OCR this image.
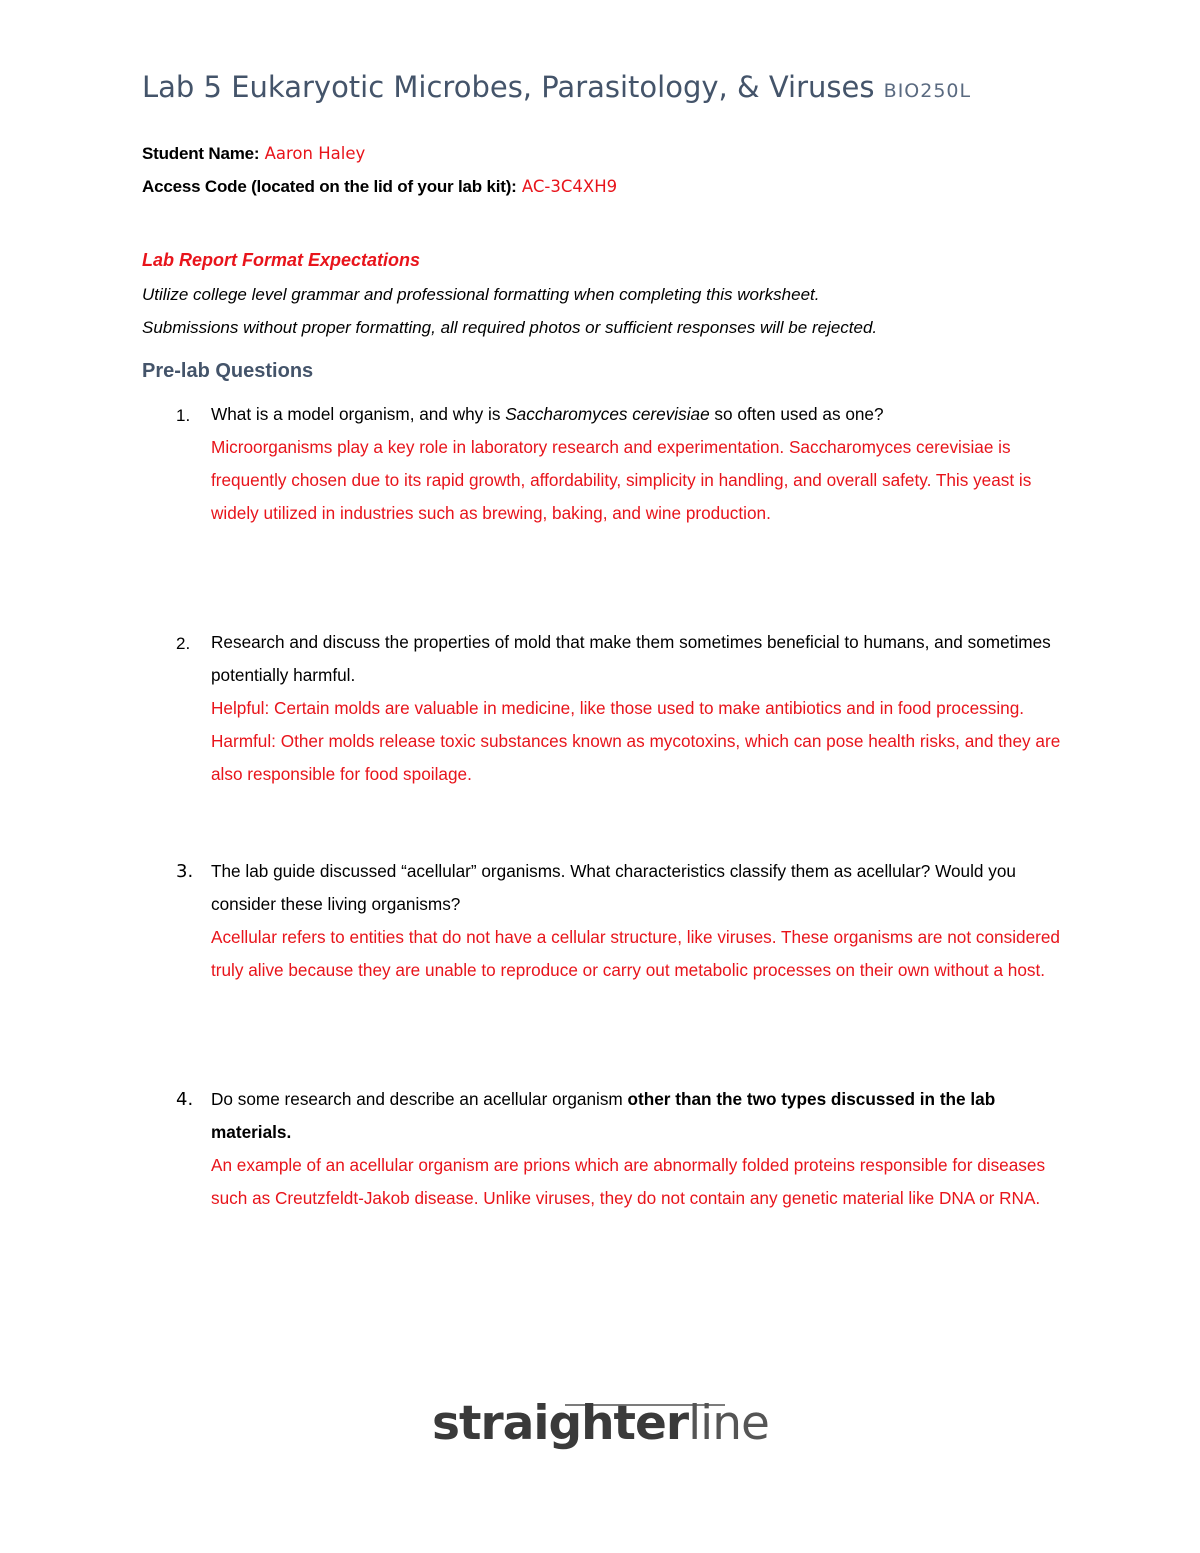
Lab 5 Eukaryotic Microbes, Parasitology, & Viruses BIO250L
Student Name: Aaron Haley
Access Code (located on the lid of your lab kit): AC-3C4XH9
Lab Report Format Expectations
Utilize college level grammar and professional formatting when completing this worksheet.
Submissions without proper formatting, all required photos or sufficient responses will be rejected.
Pre-lab Questions
1. What is a model organism, and why is Saccharomyces cerevisiae so often used as one?
Microorganisms play a key role in laboratory research and experimentation. Saccharomyces cerevisiae is frequently chosen due to its rapid growth, affordability, simplicity in handling, and overall safety. This yeast is widely utilized in industries such as brewing, baking, and wine production.
2. Research and discuss the properties of mold that make them sometimes beneficial to humans, and sometimes potentially harmful.
Helpful: Certain molds are valuable in medicine, like those used to make antibiotics and in food processing. Harmful: Other molds release toxic substances known as mycotoxins, which can pose health risks, and they are also responsible for food spoilage.
3. The lab guide discussed “acellular” organisms. What characteristics classify them as acellular? Would you consider these living organisms?
Acellular refers to entities that do not have a cellular structure, like viruses. These organisms are not considered truly alive because they are unable to reproduce or carry out metabolic processes on their own without a host.
4. Do some research and describe an acellular organism other than the two types discussed in the lab materials.
An example of an acellular organism are prions which are abnormally folded proteins responsible for diseases such as Creutzfeldt-Jakob disease. Unlike viruses, they do not contain any genetic material like DNA or RNA.
straighterline
